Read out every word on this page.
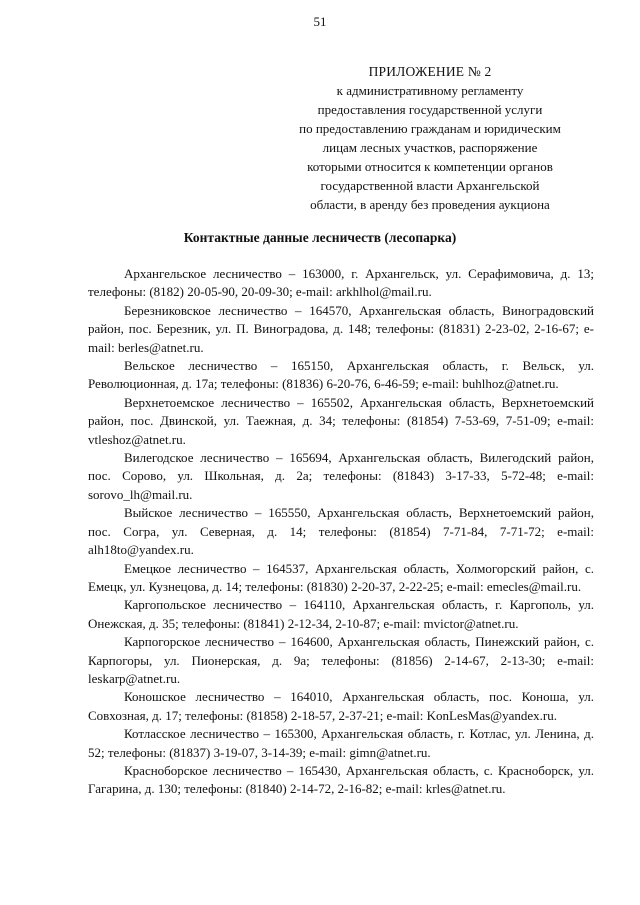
51
ПРИЛОЖЕНИЕ № 2
к административному регламенту
предоставления государственной услуги
по предоставлению гражданам и юридическим
лицам лесных участков, распоряжение
которыми относится к компетенции органов
государственной власти Архангельской
области, в аренду без проведения аукциона
Контактные данные лесничеств (лесопарка)

Архангельское лесничество – 163000, г. Архангельск, ул. Серафимовича, д. 13; телефоны: (8182) 20-05-90, 20-09-30; e-mail: arkhlhol@mail.ru.

Березниковское лесничество – 164570, Архангельская область, Виноградовский район, пос. Березник, ул. П. Виноградова, д. 148; телефоны: (81831) 2-23-02, 2-16-67; e-mail: berles@atnet.ru.

Вельское лесничество – 165150, Архангельская область, г. Вельск, ул. Революционная, д. 17а; телефоны: (81836) 6-20-76, 6-46-59; e-mail: buhlhoz@atnet.ru.

Верхнетоемское лесничество – 165502, Архангельская область, Верхнетоемский район, пос. Двинской, ул. Таежная, д. 34; телефоны: (81854) 7-53-69, 7-51-09; e-mail: vtleshoz@atnet.ru.

Вилегодское лесничество – 165694, Архангельская область, Вилегодский район, пос. Сорово, ул. Школьная, д. 2а; телефоны: (81843) 3-17-33, 5-72-48; e-mail: sorovo_lh@mail.ru.

Выйское лесничество – 165550, Архангельская область, Верхнетоемский район, пос. Согра, ул. Северная, д. 14; телефоны: (81854) 7-71-84, 7-71-72; e-mail: alh18to@yandex.ru.

Емецкое лесничество – 164537, Архангельская область, Холмогорский район, с. Емецк, ул. Кузнецова, д. 14; телефоны: (81830) 2-20-37, 2-22-25; e-mail: emecles@mail.ru.

Каргопольское лесничество – 164110, Архангельская область, г. Каргополь, ул. Онежская, д. 35; телефоны: (81841) 2-12-34, 2-10-87; e-mail: mvictor@atnet.ru.

Карпогорское лесничество – 164600, Архангельская область, Пинежский район, с. Карпогоры, ул. Пионерская, д. 9а; телефоны: (81856) 2-14-67, 2-13-30; e-mail: leskarp@atnet.ru.

Коношское лесничество – 164010, Архангельская область, пос. Коноша, ул. Совхозная, д. 17; телефоны: (81858) 2-18-57, 2-37-21; e-mail: KonLesMas@yandex.ru.

Котласское лесничество – 165300, Архангельская область, г. Котлас, ул. Ленина, д. 52; телефоны: (81837) 3-19-07, 3-14-39; e-mail: gimn@atnet.ru.

Красноборское лесничество – 165430, Архангельская область, с. Красноборск, ул. Гагарина, д. 130; телефоны: (81840) 2-14-72, 2-16-82; e-mail: krles@atnet.ru.
